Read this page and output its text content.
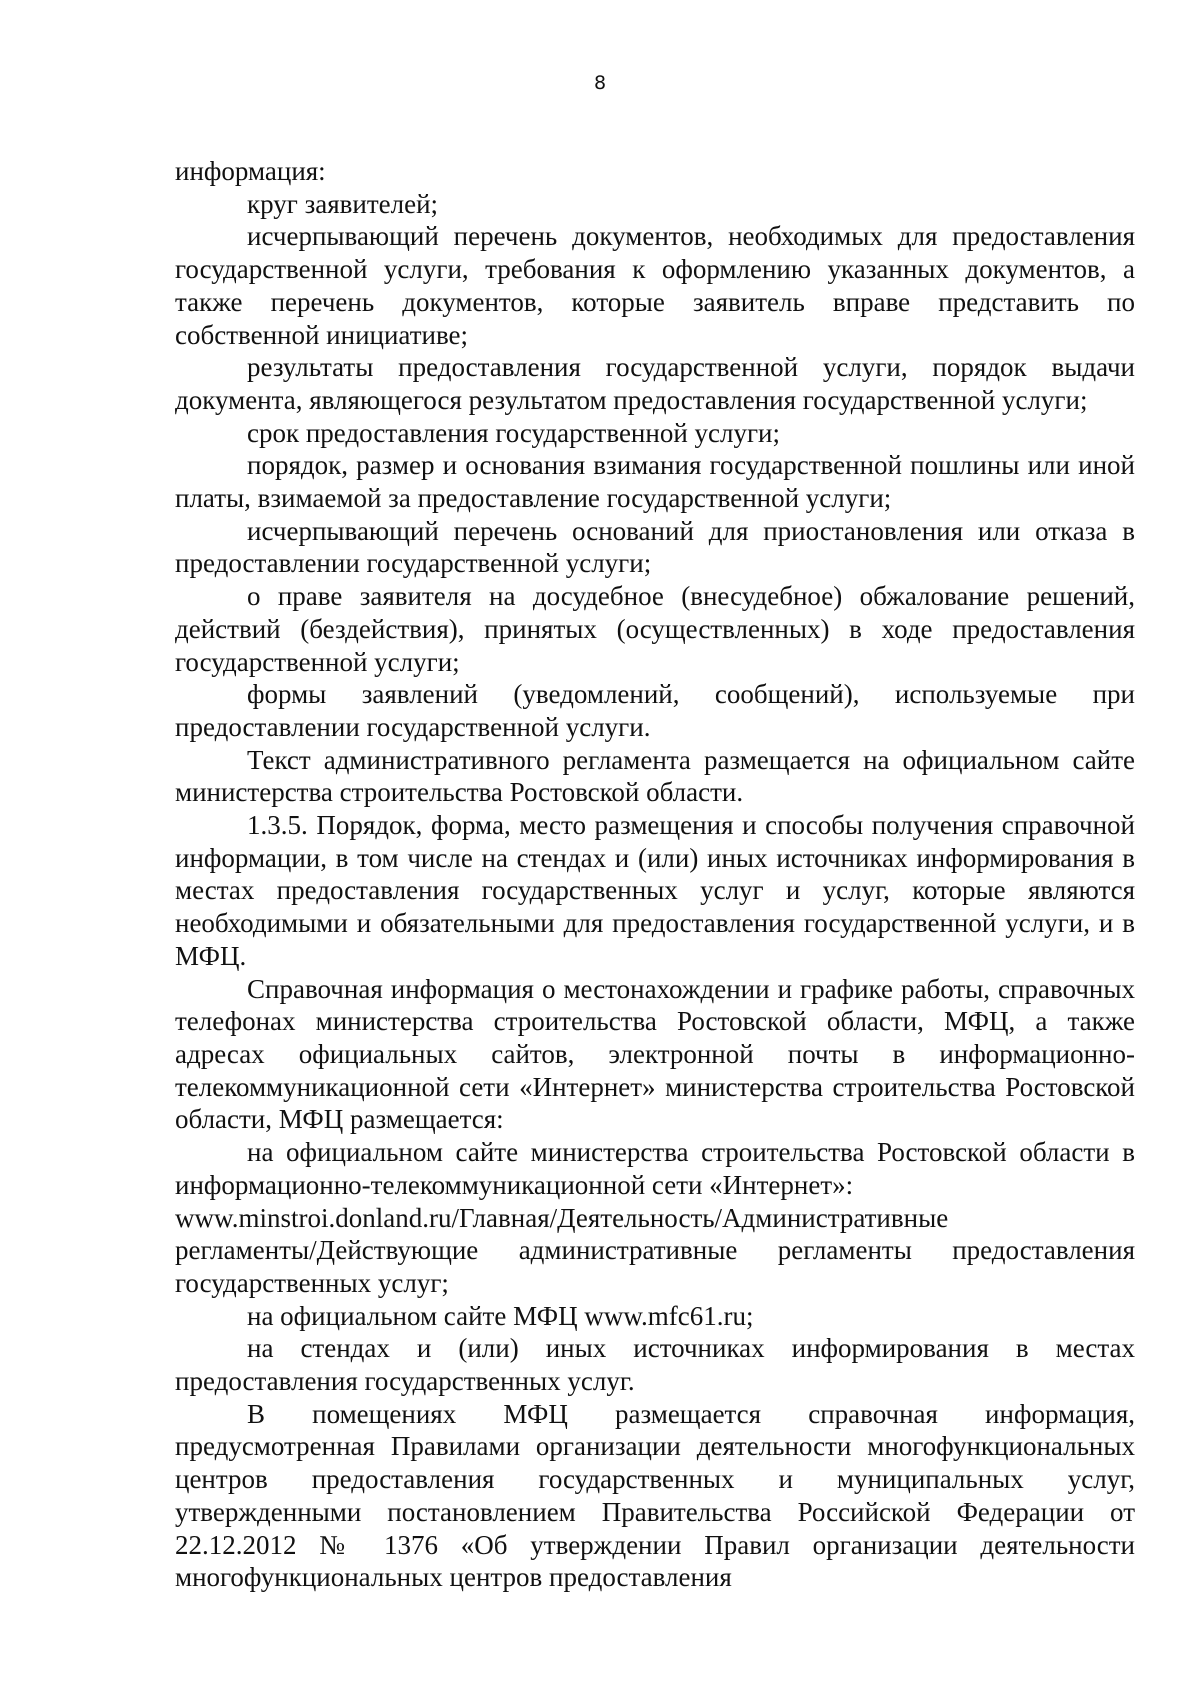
8

информация:

круг заявителей;

исчерпывающий перечень документов, необходимых для предоставления государственной услуги, требования к оформлению указанных документов, а также перечень документов, которые заявитель вправе представить по собственной инициативе;

результаты предоставления государственной услуги, порядок выдачи документа, являющегося результатом предоставления государственной услуги;

срок предоставления государственной услуги;

порядок, размер и основания взимания государственной пошлины или иной платы, взимаемой за предоставление государственной услуги;

исчерпывающий перечень оснований для приостановления или отказа в предоставлении государственной услуги;

о праве заявителя на досудебное (внесудебное) обжалование решений, действий (бездействия), принятых (осуществленных) в ходе предоставления государственной услуги;

формы заявлений (уведомлений, сообщений), используемые при предоставлении государственной услуги.

Текст административного регламента размещается на официальном сайте министерства строительства Ростовской области.

1.3.5. Порядок, форма, место размещения и способы получения справочной информации, в том числе на стендах и (или) иных источниках информирования в местах предоставления государственных услуг и услуг, которые являются необходимыми и обязательными для предоставления государственной услуги, и в МФЦ.

Справочная информация о местонахождении и графике работы, справочных телефонах министерства строительства Ростовской области, МФЦ, а также адресах официальных сайтов, электронной почты в информационно-телекоммуникационной сети «Интернет» министерства строительства Ростовской области, МФЦ размещается:

на официальном сайте министерства строительства Ростовской области в информационно-телекоммуникационной сети «Интернет»:

www.minstroi.donland.ru/Главная/Деятельность/Административные

регламенты/Действующие административные регламенты предоставления государственных услуг;

на официальном сайте МФЦ www.mfc61.ru;

на стендах и (или) иных источниках информирования в местах предоставления государственных услуг.

В помещениях МФЦ размещается справочная информация, предусмотренная Правилами организации деятельности многофункциональных центров предоставления государственных и муниципальных услуг, утвержденными постановлением Правительства Российской Федерации от 22.12.2012 № 1376 «Об утверждении Правил организации деятельности многофункциональных центров предоставления
